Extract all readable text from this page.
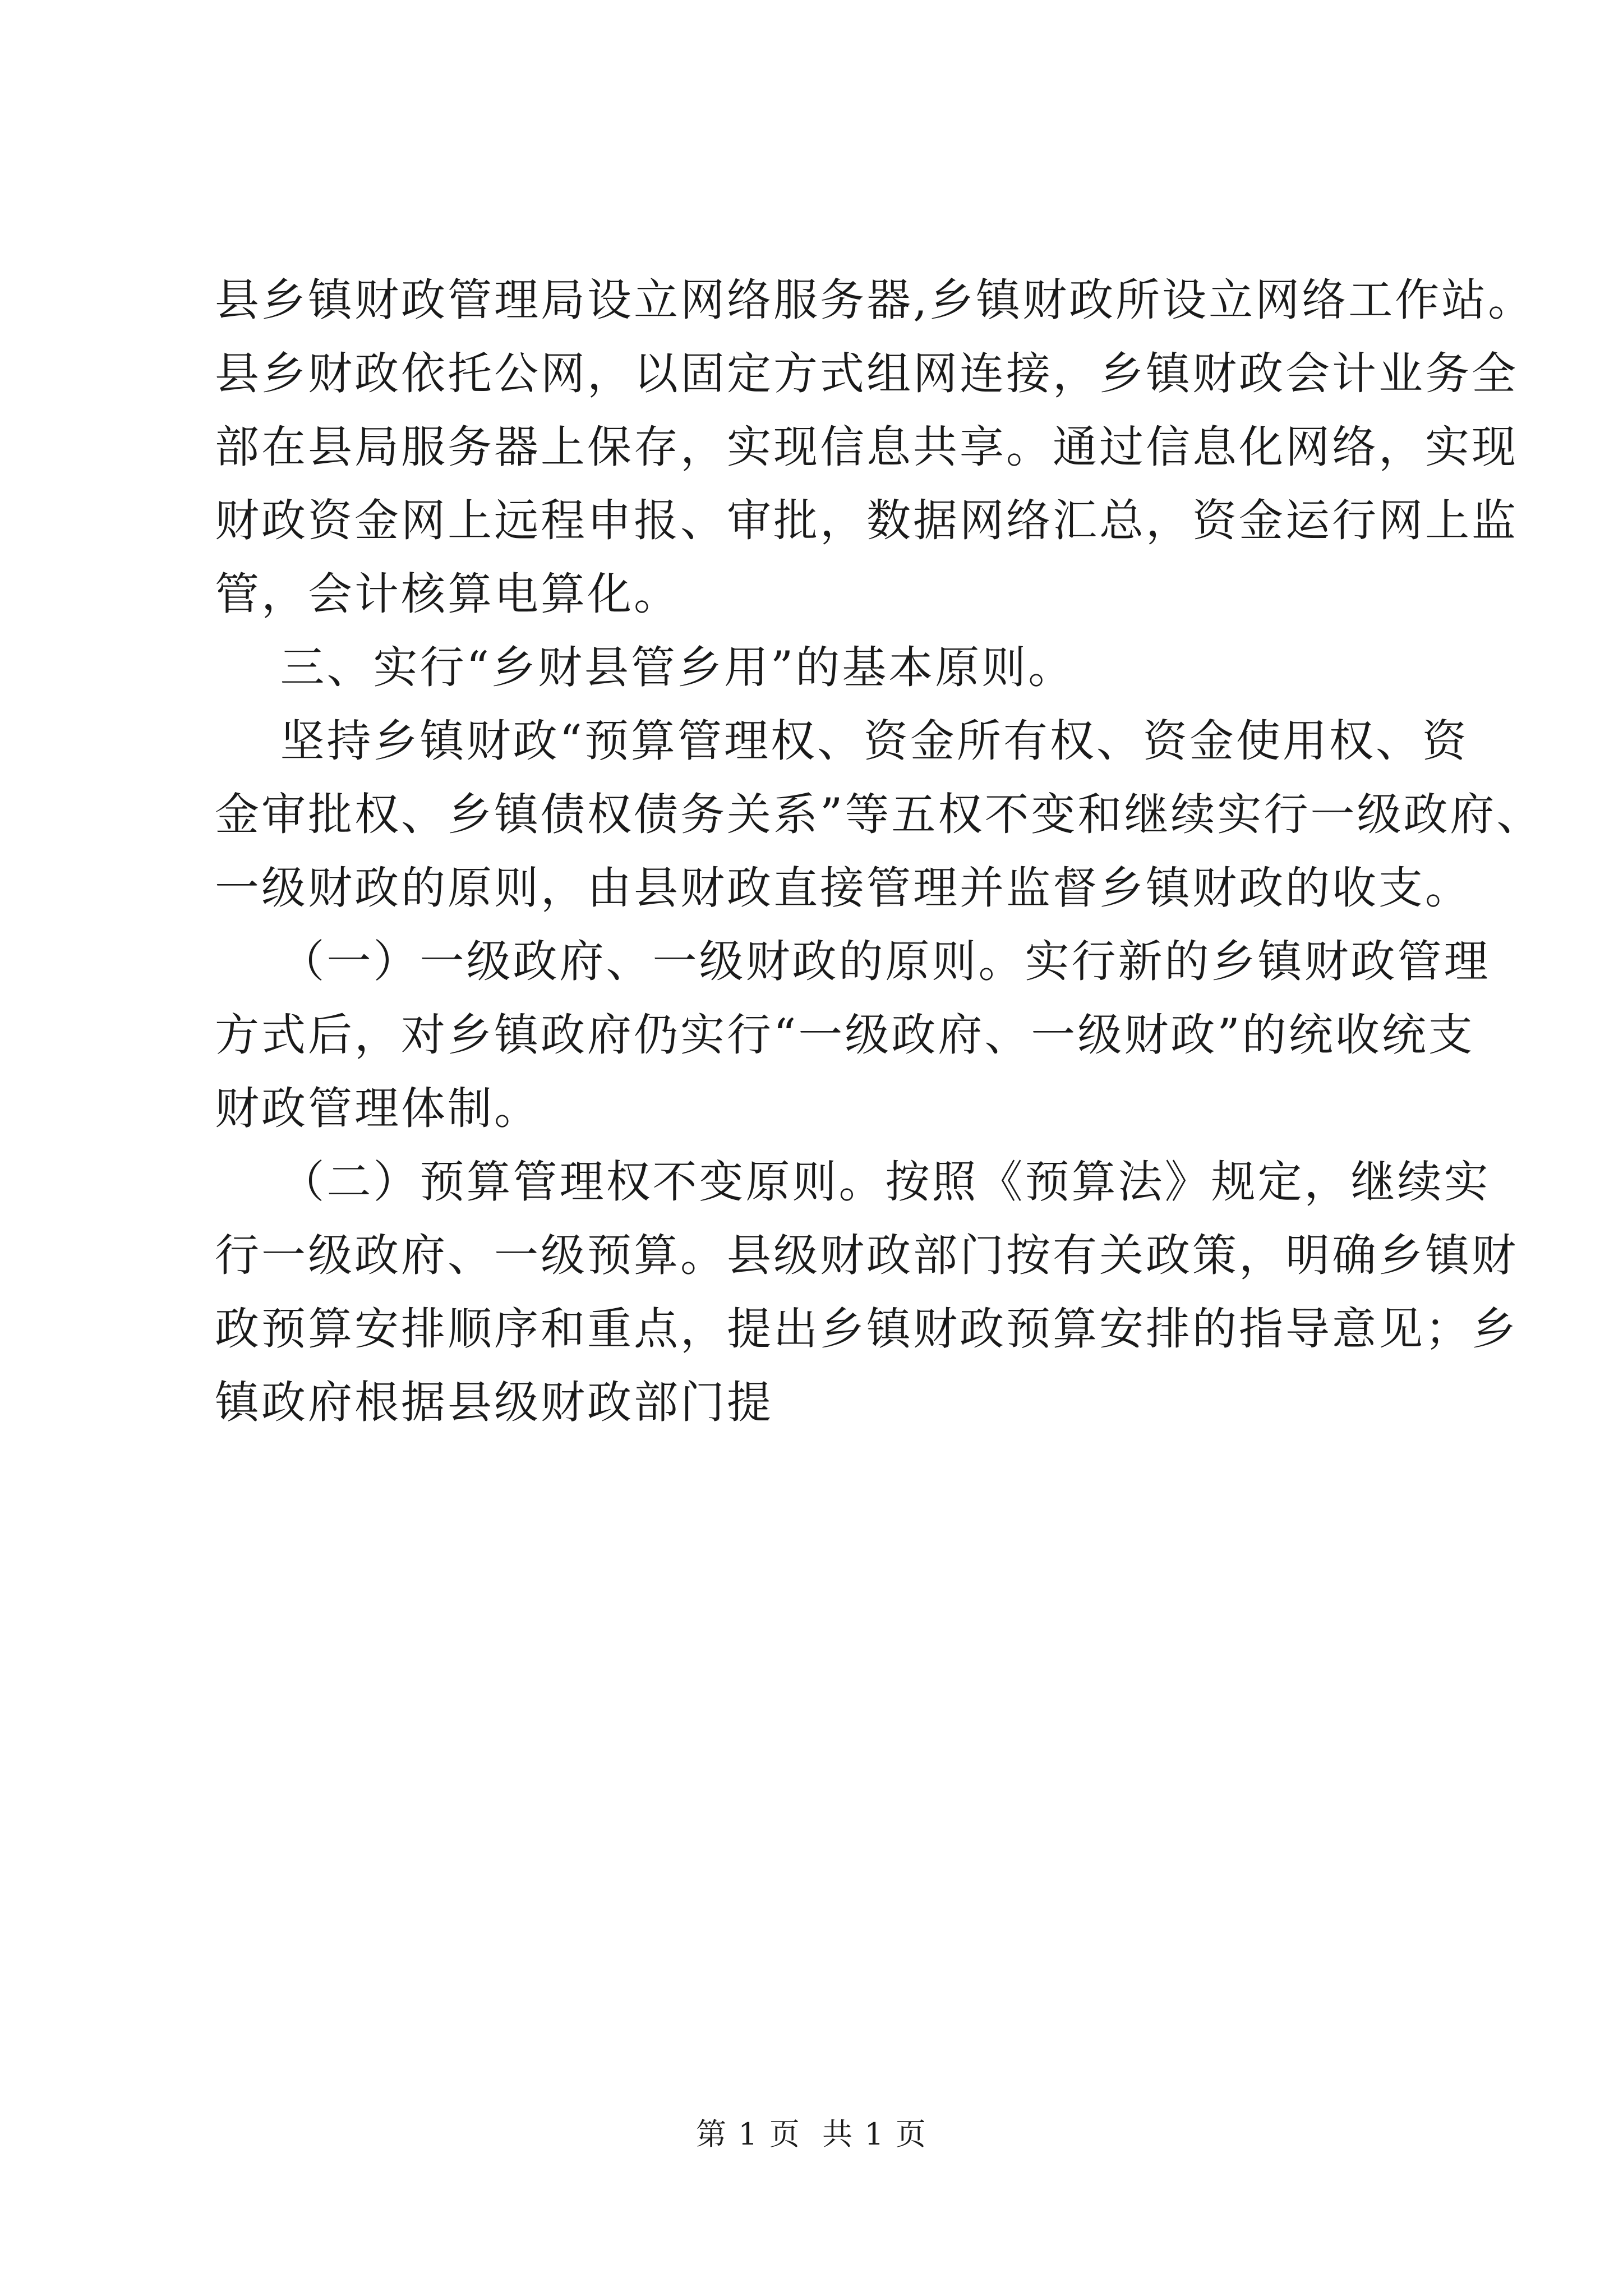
县乡镇财政管理局设立网络服务器,乡镇财政所设立网络工作站。
县乡财政依托公网，以固定方式组网连接，乡镇财政会计业务全
部在县局服务器上保存，实现信息共享。通过信息化网络，实现
财政资金网上远程申报、审批，数据网络汇总，资金运行网上监
管，会计核算电算化。
三、实行“乡财县管乡用”的基本原则。
坚持乡镇财政“预算管理权、资金所有权、资金使用权、资
金审批权、乡镇债权债务关系”等五权不变和继续实行一级政府、
一级财政的原则，由县财政直接管理并监督乡镇财政的收支。
（一）一级政府、一级财政的原则。实行新的乡镇财政管理
方式后，对乡镇政府仍实行“一级政府、一级财政”的统收统支
财政管理体制。
（二）预算管理权不变原则。按照《预算法》规定，继续实
行一级政府、一级预算。县级财政部门按有关政策，明确乡镇财
政预算安排顺序和重点，提出乡镇财政预算安排的指导意见；乡
镇政府根据县级财政部门提
第 1 页  共 1 页
